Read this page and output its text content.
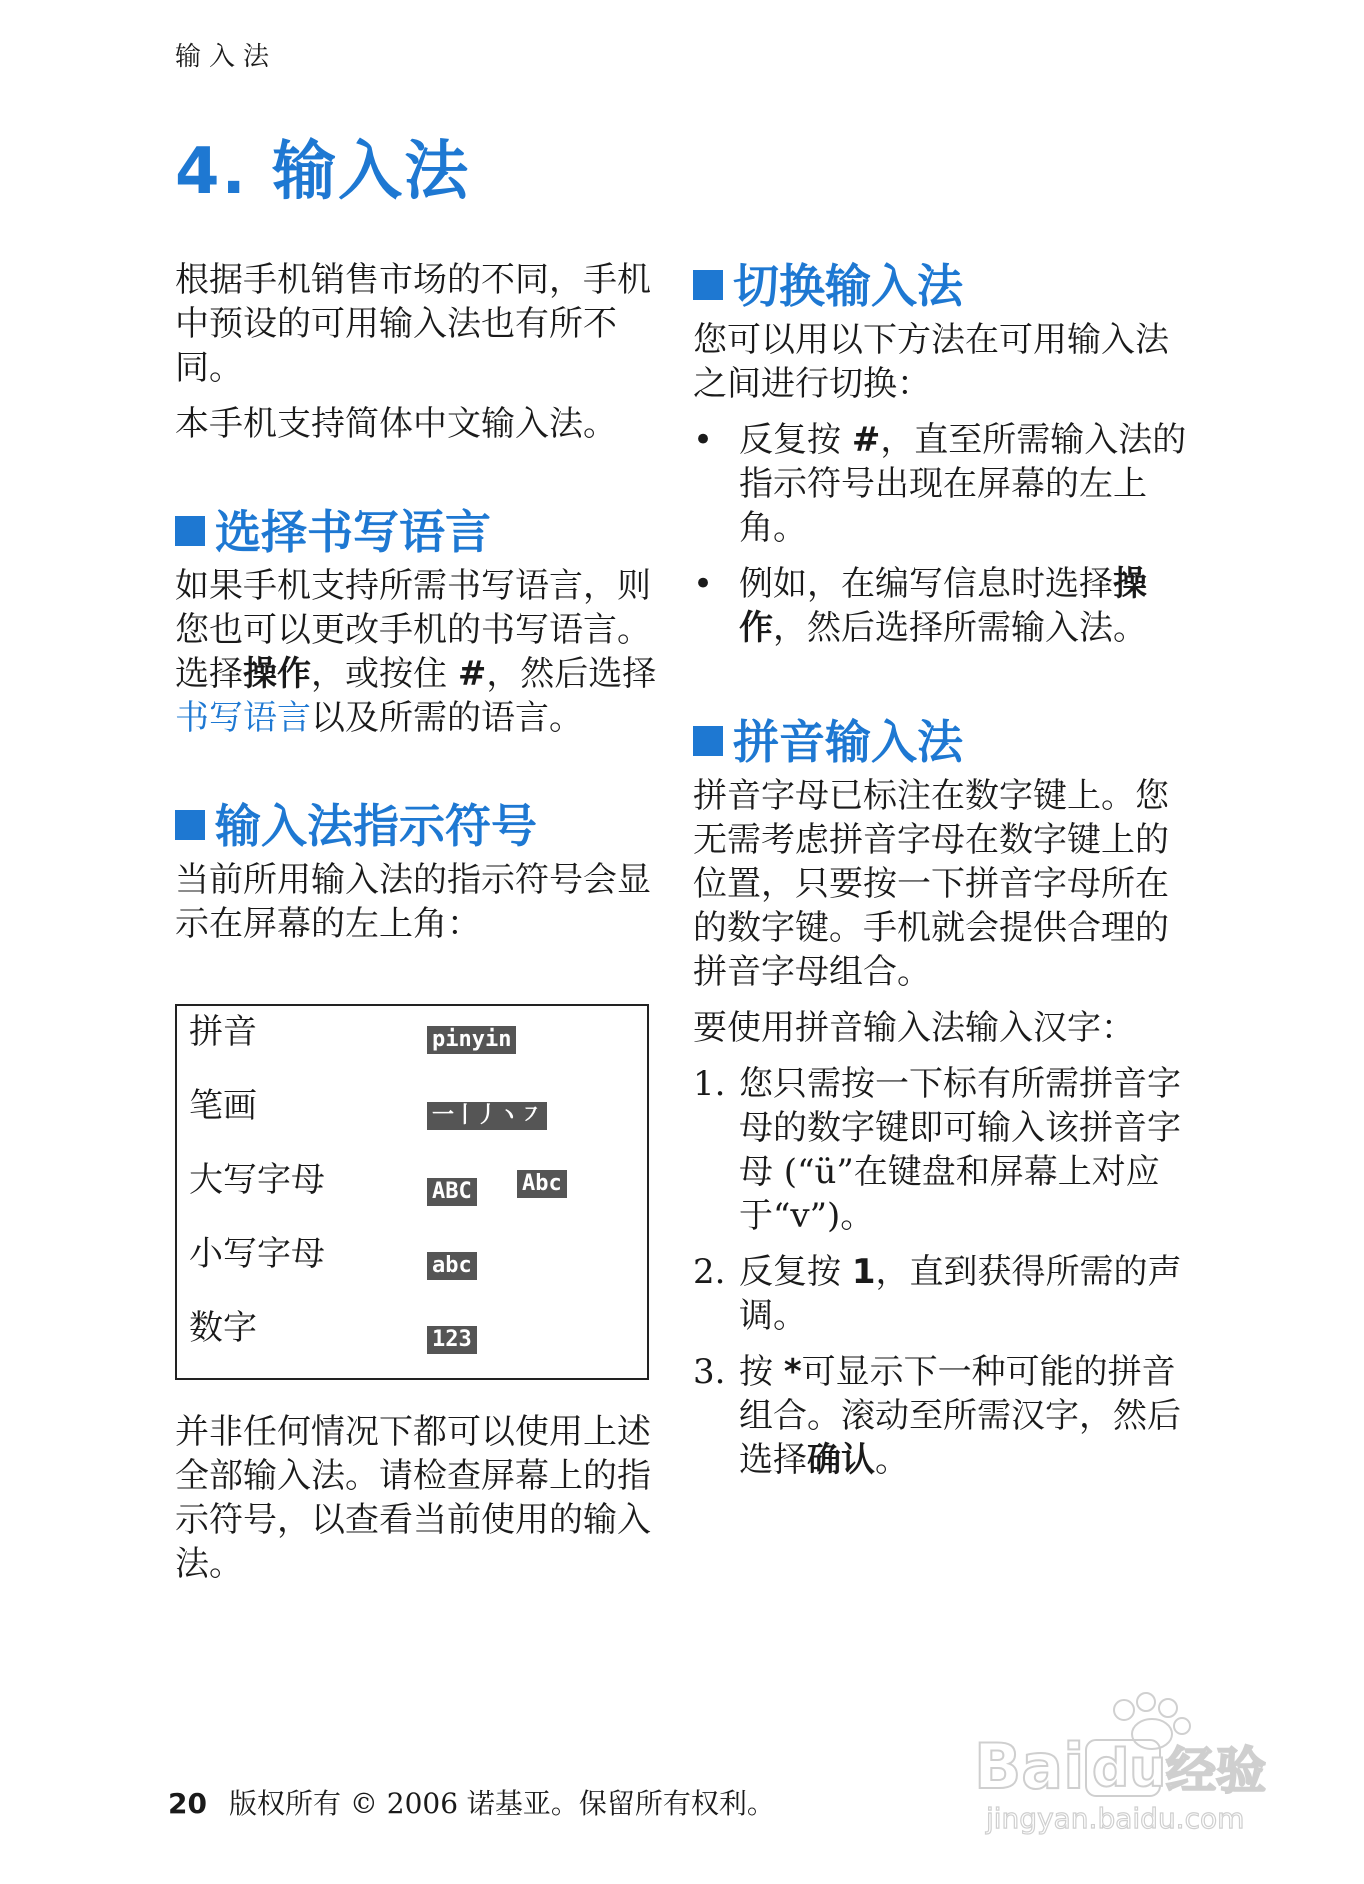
输入法
4. 输入法

根据手机销售市场的不同，手机中预设的可用输入法也有所不同。

本手机支持简体中文输入法。

选择书写语言

如果手机支持所需书写语言，则您也可以更改手机的书写语言。选择操作，或按住 #，然后选择书写语言以及所需的语言。

输入法指示符号

当前所用输入法的指示符号会显示在屏幕的左上角：

拼音	pinyin
笔画	一丨丿ヽ㇇
大写字母	ABC Abc
小写字母	abc
数字	123

并非任何情况下都可以使用上述全部输入法。请检查屏幕上的指示符号，以查看当前使用的输入法。

切换输入法

您可以用以下方法在可用输入法之间进行切换：

• 反复按 #，直至所需输入法的指示符号出现在屏幕的左上角。
• 例如，在编写信息时选择操作，然后选择所需输入法。
拼音输入法

拼音字母已标注在数字键上。您无需考虑拼音字母在数字键上的位置，只要按一下拼音字母所在的数字键。手机就会提供合理的拼音字母组合。

要使用拼音输入法输入汉字：

1. 您只需按一下标有所需拼音字母的数字键即可输入该拼音字母 (“ü”在键盘和屏幕上对应于“v”)。
2. 反复按 1，直到获得所需的声调。
3. 按 *可显示下一种可能的拼音组合。滚动至所需汉字，然后选择确认。
20 版权所有 © 2006 诺基亚。保留所有权利。
Bai du 经验
jingyan.baidu.com
